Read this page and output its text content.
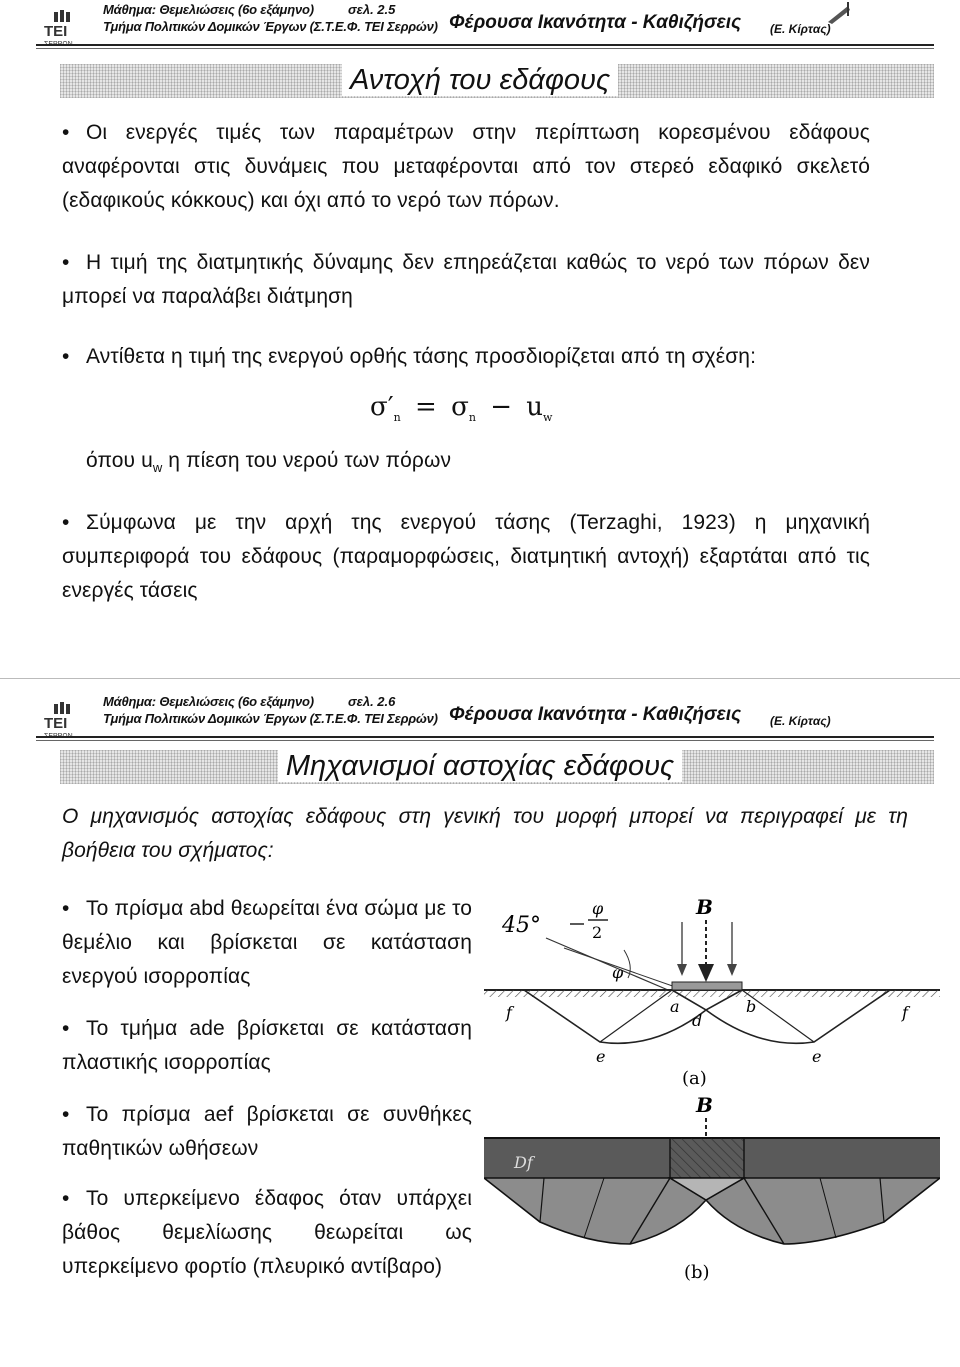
TEI
Μάθημα: Θεμελιώσεις (6ο εξάμηνο)	σελ. 2.5
Τμήμα Πολιτικών Δομικών Έργων (Σ.Τ.Ε.Φ. ΤΕΙ Σερρών) Φέρουσα Ικανότητα - Καθιζήσεις (Ε. Κίρτας)
Αντοχή του εδάφους
• Οι ενεργές τιμές των παραμέτρων στην περίπτωση κορεσμένου εδάφους αναφέρονται στις δυνάμεις που μεταφέρονται από τον στερεό εδαφικό σκελετό (εδαφικούς κόκκους) και όχι από το νερό των πόρων.
• Η τιμή της διατμητικής δύναμης δεν επηρεάζεται καθώς το νερό των πόρων δεν μπορεί να παραλάβει διάτμηση
• Αντίθετα η τιμή της ενεργού ορθής τάσης προσδιορίζεται από τη σχέση:
$\sigma'_n = \sigma_n - u_w$
όπου $u_w$ η πίεση του νερού των πόρων
• Σύμφωνα με την αρχή της ενεργού τάσης (Terzaghi, 1923) η μηχανική συμπεριφορά του εδάφους (παραμορφώσεις, διατμητική αντοχή) εξαρτάται από τις ενεργές τάσεις
TEI
Μάθημα: Θεμελιώσεις (6ο εξάμηνο)	σελ. 2.6
Τμήμα Πολιτικών Δομικών Έργων (Σ.Τ.Ε.Φ. ΤΕΙ Σερρών) Φέρουσα Ικανότητα - Καθιζήσεις (Ε. Κίρτας)
Μηχανισμοί αστοχίας εδάφους
Ο μηχανισμός αστοχίας εδάφους στη γενική του μορφή μπορεί να περιγραφεί με τη βοήθεια του σχήματος:
• Το πρίσμα abd θεωρείται ένα σώμα με το θεμέλιο και βρίσκεται σε κατάσταση ενεργού ισορροπίας
• Το τμήμα ade βρίσκεται σε κατάσταση πλαστικής ισορροπίας
• Το πρίσμα aef βρίσκεται σε συνθήκες παθητικών ωθήσεων
• Το υπερκείμενο έδαφος όταν υπάρχει βάθος θεμελίωσης θεωρείται ως υπερκείμενο φορτίο (πλευρικό αντίβαρο)
45°
φ
2
φ
B
a
d
b
f	f
e	e
(a)
B
Df
(b)
